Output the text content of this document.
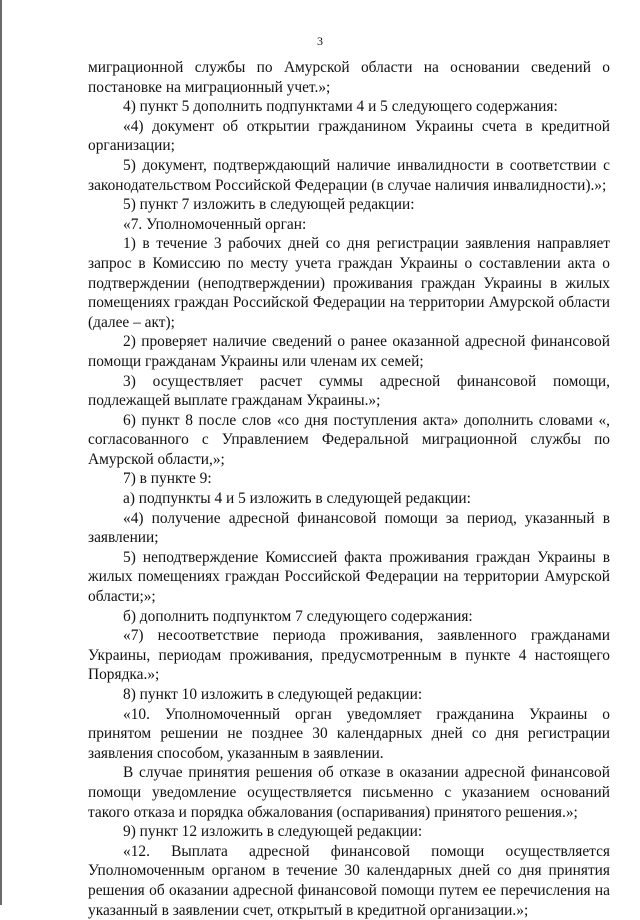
3

миграционной службы по Амурской области на основании сведений о постановке на миграционный учет.»;

4) пункт 5 дополнить подпунктами 4 и 5 следующего содержания:

«4) документ об открытии гражданином Украины счета в кредитной организации;

5) документ, подтверждающий наличие инвалидности в соответствии с законодательством Российской Федерации (в случае наличия инвалидности).»;

5) пункт 7 изложить в следующей редакции:

«7. Уполномоченный орган:

1) в течение 3 рабочих дней со дня регистрации заявления направляет запрос в Комиссию по месту учета граждан Украины о составлении акта о подтверждении (неподтверждении) проживания граждан Украины в жилых помещениях граждан Российской Федерации на территории Амурской области (далее – акт);

2) проверяет наличие сведений о ранее оказанной адресной финансовой помощи гражданам Украины или членам их семей;

3) осуществляет расчет суммы адресной финансовой помощи, подлежащей выплате гражданам Украины.»;

6) пункт 8 после слов «со дня поступления акта» дополнить словами «, согласованного с Управлением Федеральной миграционной службы по Амурской области,»;

7) в пункте 9:

а) подпункты 4 и 5 изложить в следующей редакции:

«4) получение адресной финансовой помощи за период, указанный в заявлении;

5) неподтверждение Комиссией факта проживания граждан Украины в жилых помещениях граждан Российской Федерации на территории Амурской области;»;

б) дополнить подпунктом 7 следующего содержания:

«7) несоответствие периода проживания, заявленного гражданами Украины, периодам проживания, предусмотренным в пункте 4 настоящего Порядка.»;

8) пункт 10 изложить в следующей редакции:

«10. Уполномоченный орган уведомляет гражданина Украины о принятом решении не позднее 30 календарных дней со дня регистрации заявления способом, указанным в заявлении.

В случае принятия решения об отказе в оказании адресной финансовой помощи уведомление осуществляется письменно с указанием оснований такого отказа и порядка обжалования (оспаривания) принятого решения.»;

9) пункт 12 изложить в следующей редакции:

«12. Выплата адресной финансовой помощи осуществляется Уполномоченным органом в течение 30 календарных дней со дня принятия решения об оказании адресной финансовой помощи путем ее перечисления на указанный в заявлении счет, открытый в кредитной организации.»;
